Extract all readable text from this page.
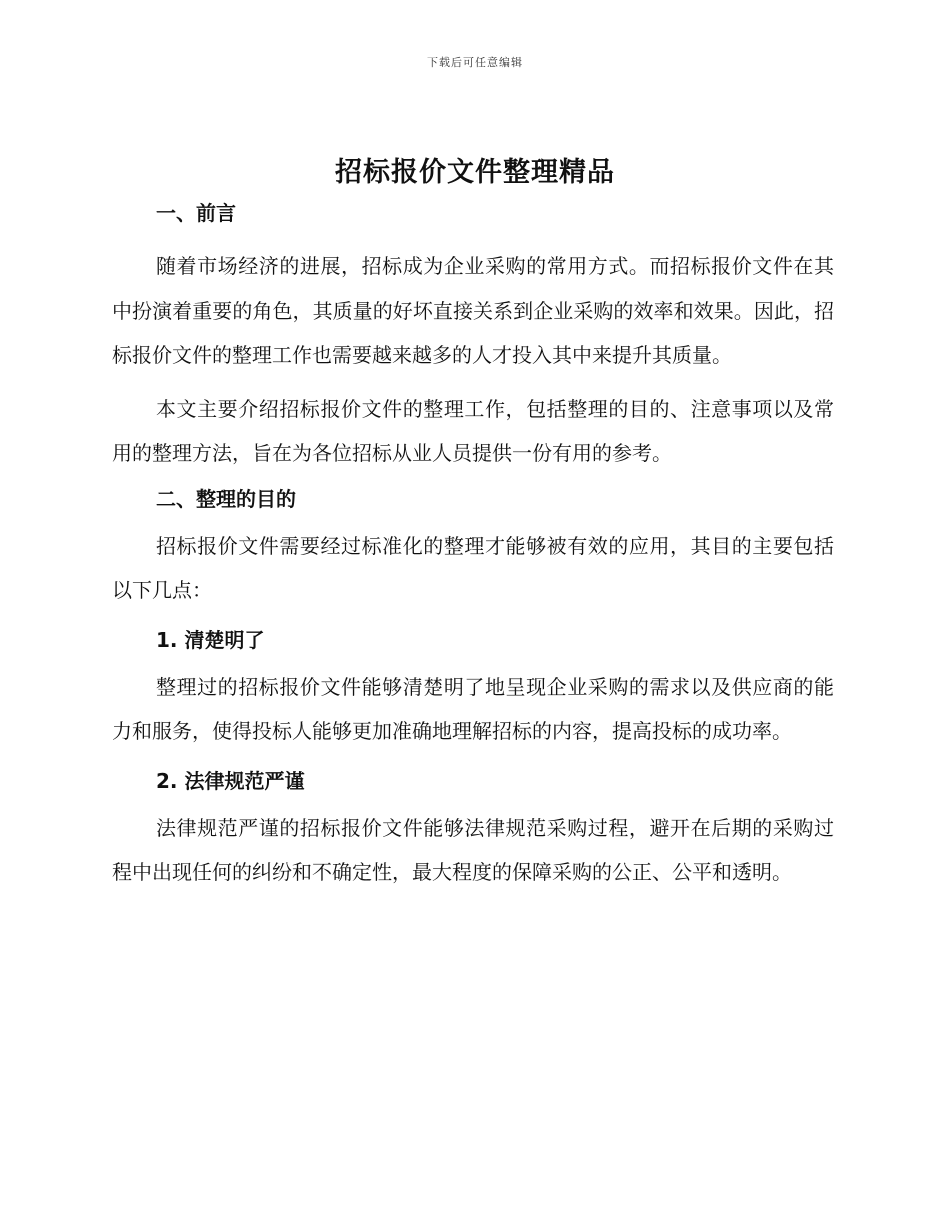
下载后可任意编辑
招标报价文件整理精品
一、前言

随着市场经济的进展，招标成为企业采购的常用方式。而招标报价文件在其中扮演着重要的角色，其质量的好坏直接关系到企业采购的效率和效果。因此，招标报价文件的整理工作也需要越来越多的人才投入其中来提升其质量。

本文主要介绍招标报价文件的整理工作，包括整理的目的、注意事项以及常用的整理方法，旨在为各位招标从业人员提供一份有用的参考。

二、整理的目的

招标报价文件需要经过标准化的整理才能够被有效的应用，其目的主要包括以下几点：

1. 清楚明了

整理过的招标报价文件能够清楚明了地呈现企业采购的需求以及供应商的能力和服务，使得投标人能够更加准确地理解招标的内容，提高投标的成功率。

2. 法律规范严谨

法律规范严谨的招标报价文件能够法律规范采购过程，避开在后期的采购过程中出现任何的纠纷和不确定性，最大程度的保障采购的公正、公平和透明。
